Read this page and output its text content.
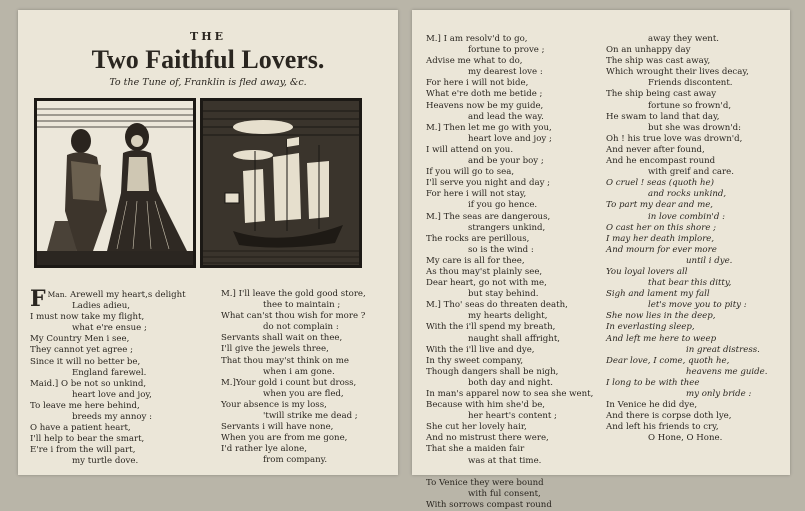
THE
Two Faithful Lovers.
To the Tune of, Franklin is fled away, &c.
Man.
F	Arewell my heart,s delight
Ladies adieu,
I must now take my flight,
what e're ensue ;
My Country Men i see,
They cannot yet agree ;
Since it will no better be,
England farewel.
Maid.] O be not so unkind,
heart love and joy,
To leave me here behind,
breeds my annoy :
O have a patient heart,
I'll help to bear the smart,
E're i from the will part,
my turtle dove.
M.] I'll leave the gold good store,
thee to maintain ;
What can'st thou wish for more ?
do not complain :
Servants shall wait on thee,
I'll give the jewels three,
That thou may'st think on me
when i am gone.
M.]Your gold i count but dross,
when you are fled,
Your absence is my loss,
'twill strike me dead ;
Servants i will have none,
When you are from me gone,
I'd rather lye alone,
from company.
M.] I am resolv'd to go,
fortune to prove ;
Advise me what to do,
my dearest love :
For here i will not bide,
What e're doth me betide ;
Heavens now be my guide,
and lead the way.
M.] Then let me go with you,
heart love and joy ;
I will attend on you.
and be your boy ;
If you will go to sea,
I'll serve you night and day ;
For here i will not stay,
if you go hence.
M.] The seas are dangerous,
strangers unkind,
The rocks are perillous,
so is the wind :
My care is all for thee,
As thou may'st plainly see,
Dear heart, go not with me,
but stay behind.
M.] Tho' seas do threaten death,
my hearts delight,
With the i'll spend my breath,
naught shall affright,
With the i'll live and dye,
In thy sweet company,
Though dangers shall be nigh,
both day and night.
In man's apparel now to sea she went,
Because with him she'd be,
her heart's content ;
She cut her lovely hair,
And no mistrust there were,
That she a maiden fair
was at that time.

To Venice they were bound
with ful consent,
With sorrows compast round
away they went.
On an unhappy day
The ship was cast away,
Which wrought their lives decay,
Friends discontent.
The ship being cast away
fortune so frown'd,
He swam to land that day,
but she was drown'd:
Oh ! his true love was drown'd,
And never after found,
And he encompast round
with greif and care.
O cruel ! seas (quoth he)
and rocks unkind,
To part my dear and me,
in love combin'd :
O cast her on this shore ;
I may her death implore,
And mourn for ever more
until i dye.
You loyal lovers all
that bear this ditty,
Sigh and lament my fall
let's move you to pity :
She now lies in the deep,
In everlasting sleep,
And left me here to weep
in great distress.
Dear love, I come, quoth he,
heavens me guide.
I long to be with thee
my only bride :
In Venice he did dye,
And there is corpse doth lye,
And left his friends to cry,
O Hone, O Hone.
